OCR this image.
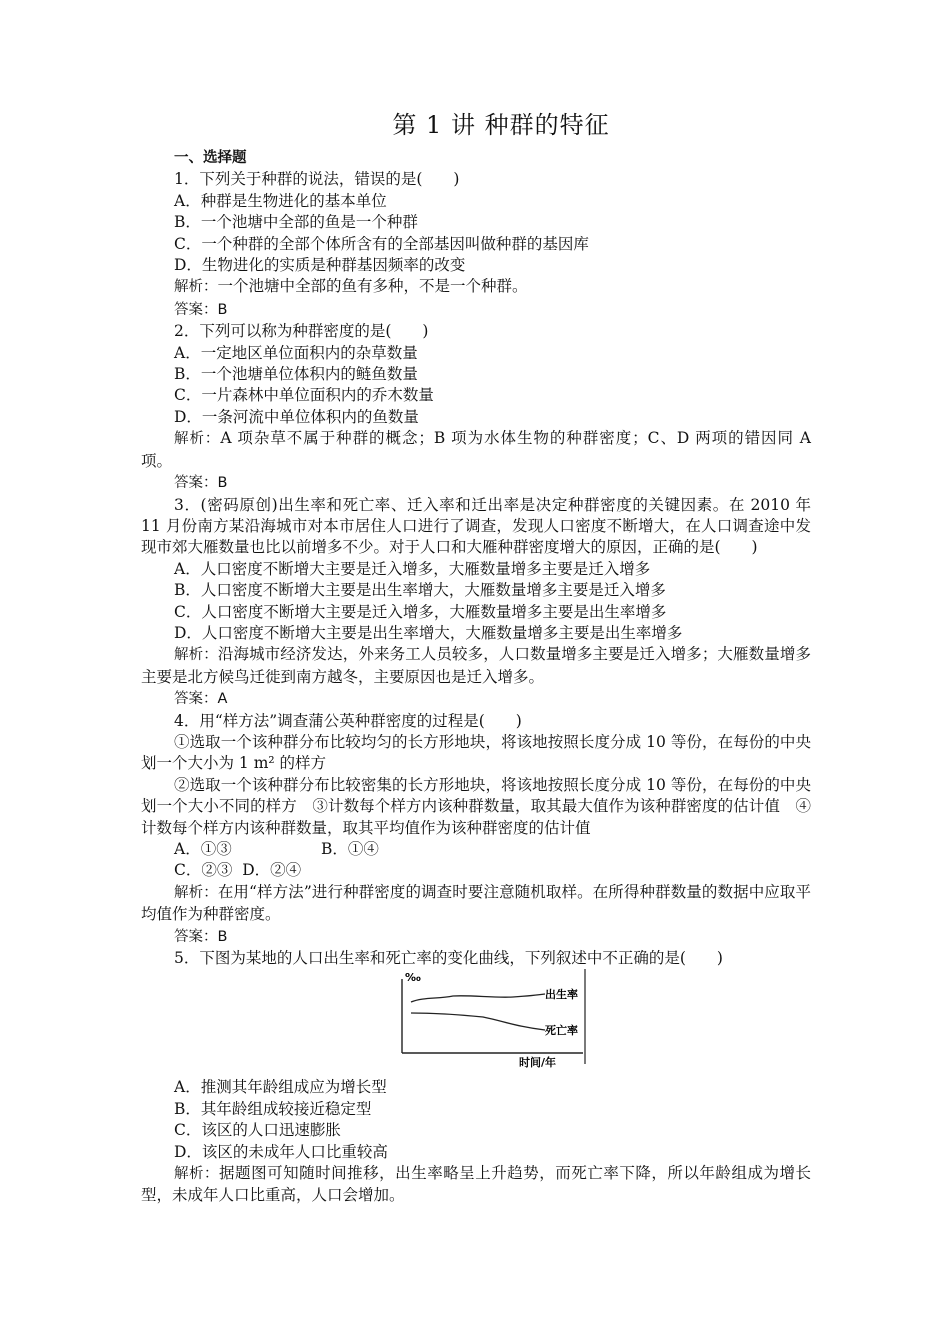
第 1 讲 种群的特征

一、选择题

1．下列关于种群的说法，错误的是(　　)

A．种群是生物进化的基本单位

B．一个池塘中全部的鱼是一个种群

C．一个种群的全部个体所含有的全部基因叫做种群的基因库

D．生物进化的实质是种群基因频率的改变

解析：一个池塘中全部的鱼有多种，不是一个种群。

答案：B

2．下列可以称为种群密度的是(　　)

A．一定地区单位面积内的杂草数量

B．一个池塘单位体积内的鲢鱼数量

C．一片森林中单位面积内的乔木数量

D．一条河流中单位体积内的鱼数量

解析：A 项杂草不属于种群的概念；B 项为水体生物的种群密度；C、D 两项的错因同 A 项。

答案：B

3．(密码原创)出生率和死亡率、迁入率和迁出率是决定种群密度的关键因素。在 2010 年 11 月份南方某沿海城市对本市居住人口进行了调查，发现人口密度不断增大，在人口调查途中发现市郊大雁数量也比以前增多不少。对于人口和大雁种群密度增大的原因，正确的是(　　)

A．人口密度不断增大主要是迁入增多，大雁数量增多主要是迁入增多

B．人口密度不断增大主要是出生率增大，大雁数量增多主要是迁入增多

C．人口密度不断增大主要是迁入增多，大雁数量增多主要是出生率增多

D．人口密度不断增大主要是出生率增大，大雁数量增多主要是出生率增多

解析：沿海城市经济发达，外来务工人员较多，人口数量增多主要是迁入增多；大雁数量增多主要是北方候鸟迁徙到南方越冬，主要原因也是迁入增多。

答案：A

4．用“样方法”调查蒲公英种群密度的过程是(　　)

①选取一个该种群分布比较均匀的长方形地块，将该地按照长度分成 10 等份，在每份的中央划一个大小为 1 m² 的样方

②选取一个该种群分布比较密集的长方形地块，将该地按照长度分成 10 等份，在每份的中央划一个大小不同的样方　③计数每个样方内该种群数量，取其最大值作为该种群密度的估计值　④计数每个样方内该种群数量，取其平均值作为该种群密度的估计值

A．①③	B．①④

C．②③ D．②④

解析：在用“样方法”进行种群密度的调查时要注意随机取样。在所得种群数量的数据中应取平均值作为种群密度。

答案：B

5．下图为某地的人口出生率和死亡率的变化曲线，下列叙述中不正确的是(　　)

‰
出生率
死亡率
时间/年

A．推测其年龄组成应为增长型

B．其年龄组成较接近稳定型

C．该区的人口迅速膨胀

D．该区的未成年人口比重较高

解析：据题图可知随时间推移，出生率略呈上升趋势，而死亡率下降，所以年龄组成为增长型，未成年人口比重高，人口会增加。
